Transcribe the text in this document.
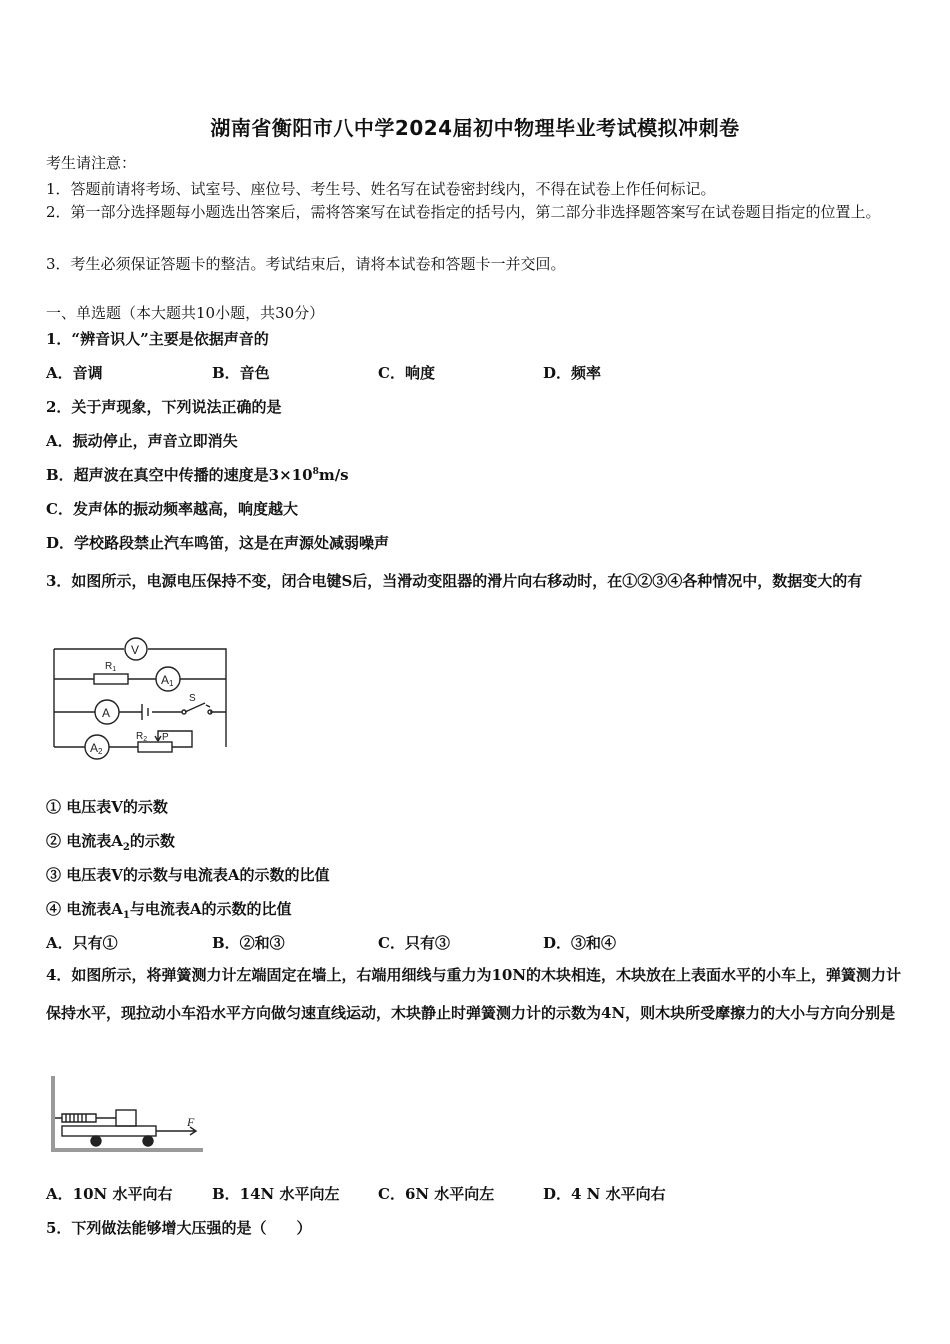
湖南省衡阳市八中学2024届初中物理毕业考试模拟冲刺卷
考生请注意：
1．答题前请将考场、试室号、座位号、考生号、姓名写在试卷密封线内，不得在试卷上作任何标记。
2．第一部分选择题每小题选出答案后，需将答案写在试卷指定的括号内，第二部分非选择题答案写在试卷题目指定的位置上。
3．考生必须保证答题卡的整洁。考试结束后，请将本试卷和答题卡一并交回。
一、单选题（本大题共10小题，共30分）
1．“辨音识人”主要是依据声音的
A．音调	B．音色	C．响度	D．频率
2．关于声现象，下列说法正确的是
A．振动停止，声音立即消失
B．超声波在真空中传播的速度是$3\times 10^8m/s$
C．发声体的振动频率越高，响度越大
D．学校路段禁止汽车鸣笛，这是在声源处减弱噪声
3．如图所示，电源电压保持不变，闭合电键S后，当滑动变阻器的滑片向右移动时，在①②③④各种情况中，数据变大的有
V
$R_1$
A1
A
S
A2
$R_2$ P
① 电压表V的示数
② 电流表$A_2$的示数
③ 电压表V的示数与电流表A的示数的比值
④ 电流表$A_1$与电流表A的示数的比值
A．只有①	B．②和③	C．只有③	D．③和④
4．如图所示，将弹簧测力计左端固定在墙上，右端用细线与重力为10N的木块相连，木块放在上表面水平的小车上，弹簧测力计保持水平，现拉动小车沿水平方向做匀速直线运动，木块静止时弹簧测力计的示数为4N，则木块所受摩擦力的大小与方向分别是
F
A．10N 水平向右	B．14N 水平向左	C．6N 水平向左	D．4 N 水平向右
5．下列做法能够增大压强的是（　　）
